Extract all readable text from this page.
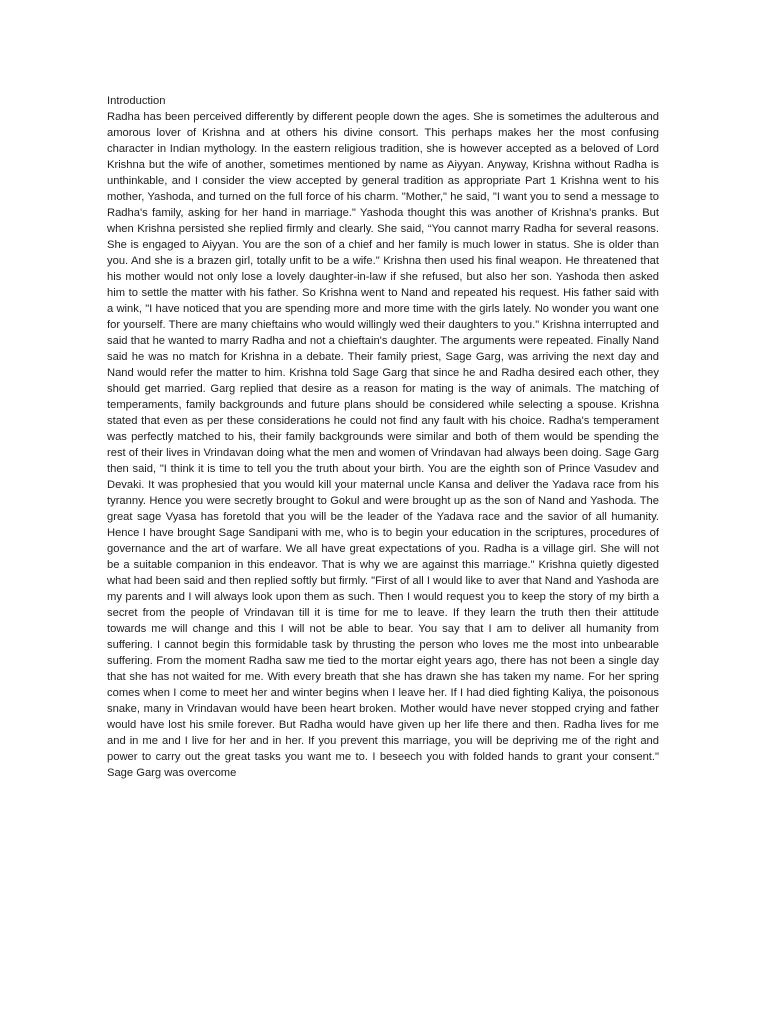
Introduction
Radha has been perceived differently by different people down the ages. She is sometimes the adulterous and amorous lover of Krishna and at others his divine consort. This perhaps makes her the most confusing character in Indian mythology. In the eastern religious tradition, she is however accepted as a beloved of Lord Krishna but the wife of another, sometimes mentioned by name as Aiyyan. Anyway, Krishna without Radha is unthinkable, and I consider the view accepted by general tradition as appropriate Part 1 Krishna went to his mother, Yashoda, and turned on the full force of his charm. "Mother," he said, "I want you to send a message to Radha's family, asking for her hand in marriage." Yashoda thought this was another of Krishna's pranks. But when Krishna persisted she replied firmly and clearly. She said, “You cannot marry Radha for several reasons. She is engaged to Aiyyan. You are the son of a chief and her family is much lower in status. She is older than you. And she is a brazen girl, totally unfit to be a wife." Krishna then used his final weapon. He threatened that his mother would not only lose a lovely daughter-in-law if she refused, but also her son. Yashoda then asked him to settle the matter with his father. So Krishna went to Nand and repeated his request. His father said with a wink, "I have noticed that you are spending more and more time with the girls lately. No wonder you want one for yourself. There are many chieftains who would willingly wed their daughters to you." Krishna interrupted and said that he wanted to marry Radha and not a chieftain's daughter. The arguments were repeated. Finally Nand said he was no match for Krishna in a debate. Their family priest, Sage Garg, was arriving the next day and Nand would refer the matter to him. Krishna told Sage Garg that since he and Radha desired each other, they should get married. Garg replied that desire as a reason for mating is the way of animals. The matching of temperaments, family backgrounds and future plans should be considered while selecting a spouse. Krishna stated that even as per these considerations he could not find any fault with his choice. Radha's temperament was perfectly matched to his, their family backgrounds were similar and both of them would be spending the rest of their lives in Vrindavan doing what the men and women of Vrindavan had always been doing. Sage Garg then said, "I think it is time to tell you the truth about your birth. You are the eighth son of Prince Vasudev and Devaki. It was prophesied that you would kill your maternal uncle Kansa and deliver the Yadava race from his tyranny. Hence you were secretly brought to Gokul and were brought up as the son of Nand and Yashoda. The great sage Vyasa has foretold that you will be the leader of the Yadava race and the savior of all humanity. Hence I have brought Sage Sandipani with me, who is to begin your education in the scriptures, procedures of governance and the art of warfare. We all have great expectations of you. Radha is a village girl. She will not be a suitable companion in this endeavor. That is why we are against this marriage." Krishna quietly digested what had been said and then replied softly but firmly. "First of all I would like to aver that Nand and Yashoda are my parents and I will always look upon them as such. Then I would request you to keep the story of my birth a secret from the people of Vrindavan till it is time for me to leave. If they learn the truth then their attitude towards me will change and this I will not be able to bear. You say that I am to deliver all humanity from suffering. I cannot begin this formidable task by thrusting the person who loves me the most into unbearable suffering. From the moment Radha saw me tied to the mortar eight years ago, there has not been a single day that she has not waited for me. With every breath that she has drawn she has taken my name. For her spring comes when I come to meet her and winter begins when I leave her. If I had died fighting Kaliya, the poisonous snake, many in Vrindavan would have been heart broken. Mother would have never stopped crying and father would have lost his smile forever. But Radha would have given up her life there and then. Radha lives for me and in me and I live for her and in her. If you prevent this marriage, you will be depriving me of the right and power to carry out the great tasks you want me to. I beseech you with folded hands to grant your consent." Sage Garg was overcome
